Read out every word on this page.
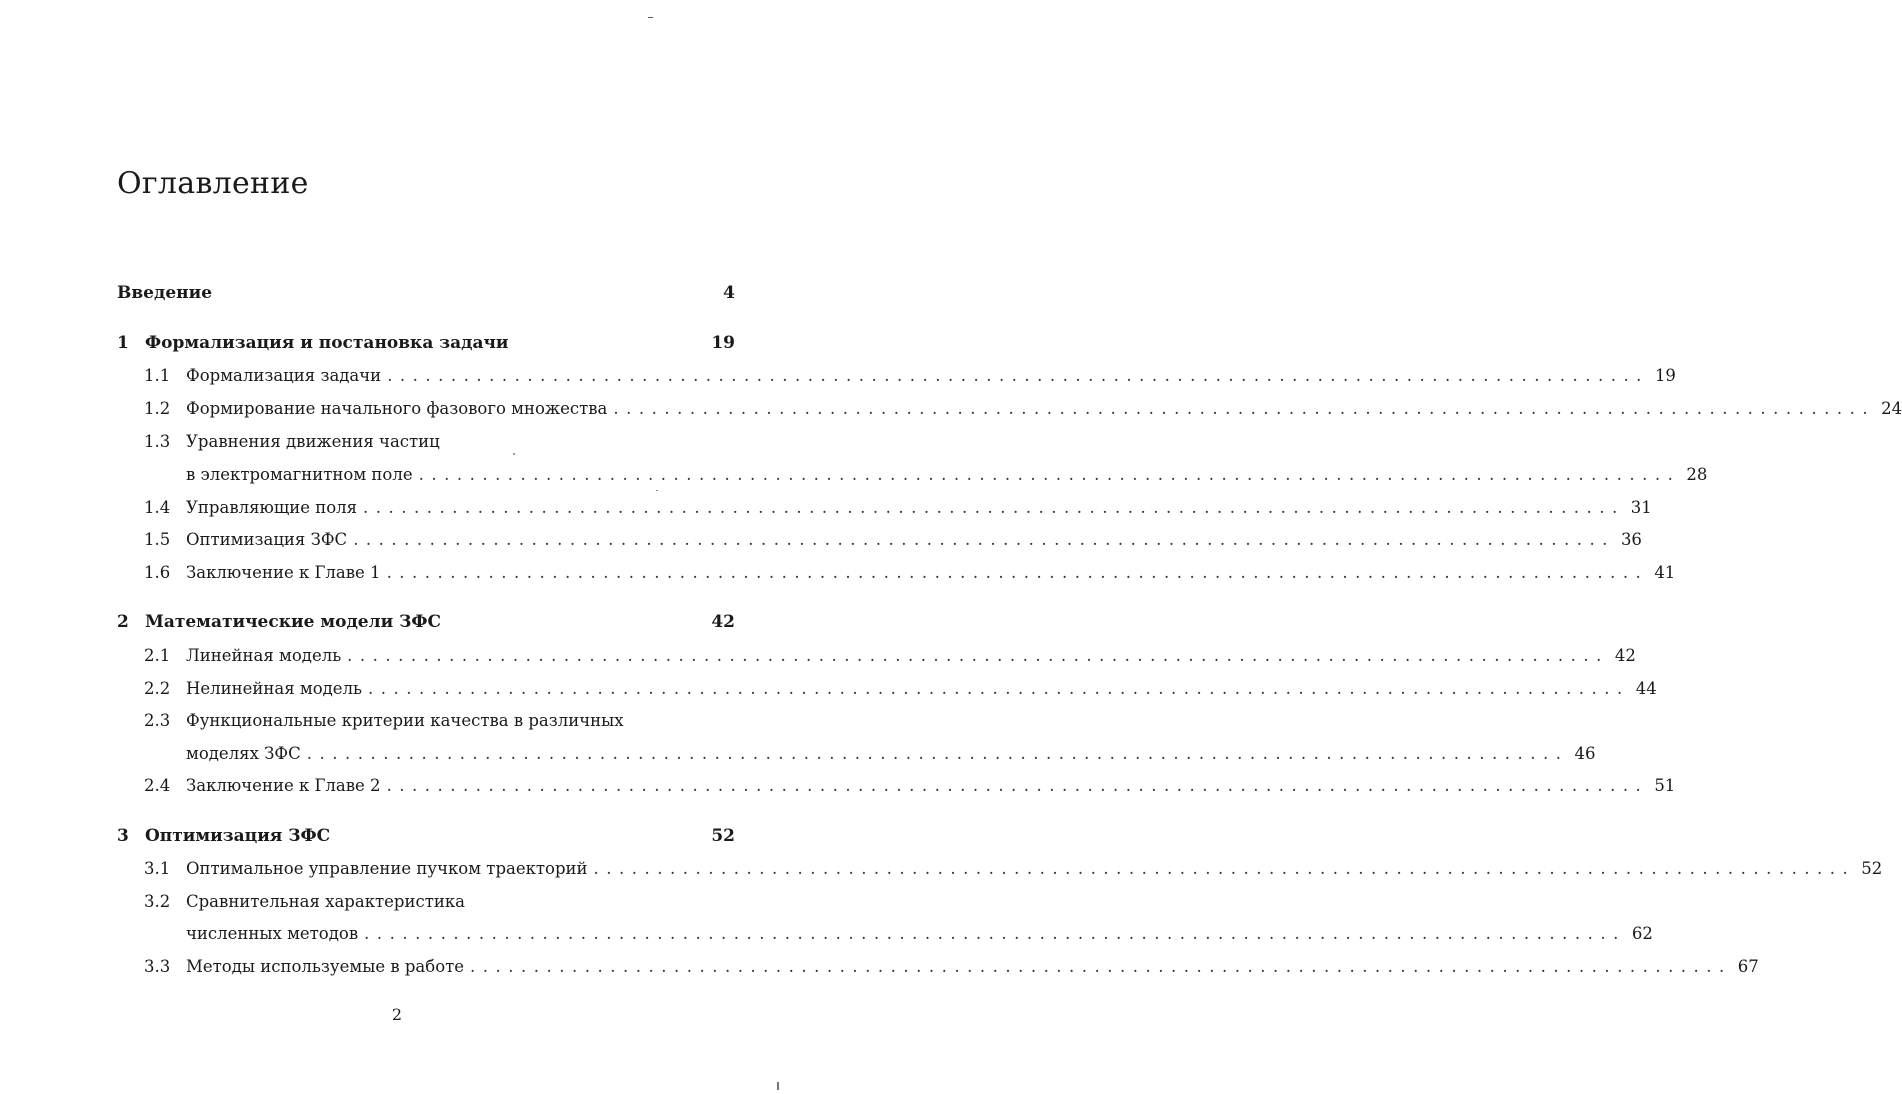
Оглавление
Введение	4
1 Формализация и постановка задачи	19
1.1 Формализация задачи ................................................................................................... 19
1.2 Формирование начального фазового множества ................................................................................................... 24
1.3 Уравнения движения частиц
в электромагнитном поле ................................................................................................... 28
1.4 Управляющие поля ................................................................................................... 31
1.5 Оптимизация ЗФС ................................................................................................... 36
1.6 Заключение к Главе 1 ................................................................................................... 41
2 Математические модели ЗФС	42
2.1 Линейная модель ................................................................................................... 42
2.2 Нелинейная модель ................................................................................................... 44
2.3 Функциональные критерии качества в различных
моделях ЗФС ................................................................................................... 46
2.4 Заключение к Главе 2 ................................................................................................... 51
3 Оптимизация ЗФС	52
3.1 Оптимальное управление пучком траекторий ................................................................................................... 52
3.2 Сравнительная характеристика
численных методов ................................................................................................... 62
3.3 Методы используемые в работе ................................................................................................... 67
2
